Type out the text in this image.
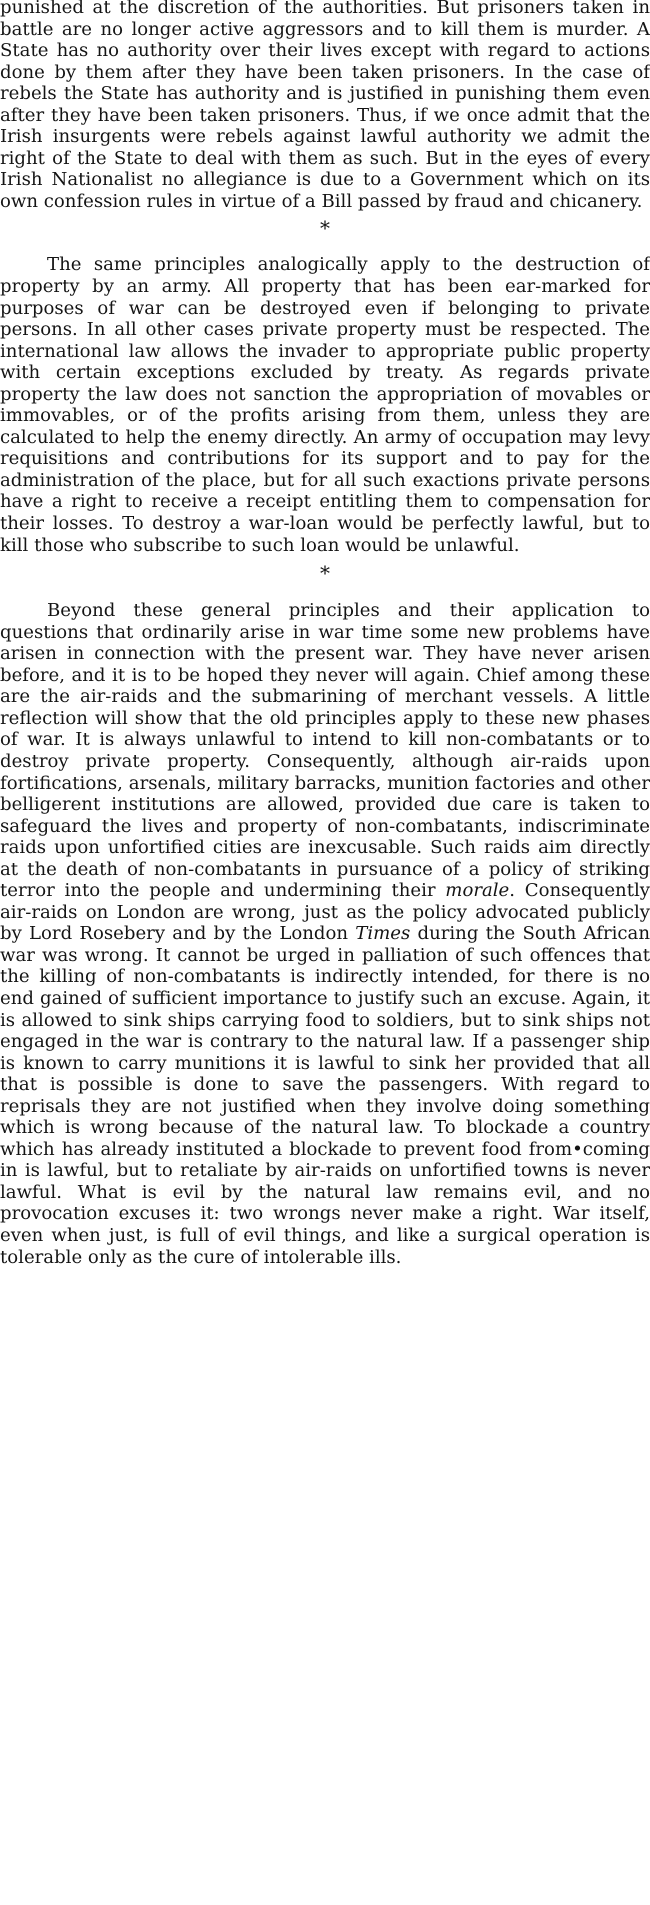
punished at the discretion of the authorities. But prisoners taken in battle are no longer active aggressors and to kill them is murder. A State has no authority over their lives except with regard to actions done by them after they have been taken prisoners. In the case of rebels the State has authority and is justified in punishing them even after they have been taken prisoners. Thus, if we once admit that the Irish insurgents were rebels against lawful authority we admit the right of the State to deal with them as such. But in the eyes of every Irish Nationalist no allegiance is due to a Government which on its own confession rules in virtue of a Bill passed by fraud and chicanery.

*

The same principles analogically apply to the destruction of property by an army. All property that has been ear-marked for purposes of war can be destroyed even if belonging to private persons. In all other cases private property must be respected. The international law allows the invader to appropriate public property with certain exceptions excluded by treaty. As regards private property the law does not sanction the appropriation of movables or immovables, or of the profits arising from them, unless they are calculated to help the enemy directly. An army of occupation may levy requisitions and contributions for its support and to pay for the administration of the place, but for all such exactions private persons have a right to receive a receipt entitling them to compensation for their losses. To destroy a war-loan would be perfectly lawful, but to kill those who subscribe to such loan would be unlawful.

*

Beyond these general principles and their application to questions that ordinarily arise in war time some new problems have arisen in connection with the present war. They have never arisen before, and it is to be hoped they never will again. Chief among these are the air-raids and the submarining of merchant vessels. A little reflection will show that the old principles apply to these new phases of war. It is always unlawful to intend to kill non-combatants or to destroy private property. Consequently, although air-raids upon fortifications, arsenals, military barracks, munition factories and other belligerent institutions are allowed, provided due care is taken to safeguard the lives and property of non-combatants, indiscriminate raids upon unfortified cities are inexcusable. Such raids aim directly at the death of non-combatants in pursuance of a policy of striking terror into the people and undermining their morale. Consequently air-raids on London are wrong, just as the policy advocated publicly by Lord Rosebery and by the London Times during the South African war was wrong. It cannot be urged in palliation of such offences that the killing of non-combatants is indirectly intended, for there is no end gained of sufficient importance to justify such an excuse. Again, it is allowed to sink ships carrying food to soldiers, but to sink ships not engaged in the war is contrary to the natural law. If a passenger ship is known to carry munitions it is lawful to sink her provided that all that is possible is done to save the passengers. With regard to reprisals they are not justified when they involve doing something which is wrong because of the natural law. To blockade a country which has already instituted a blockade to prevent food from•coming in is lawful, but to retaliate by air-raids on unfortified towns is never lawful. What is evil by the natural law remains evil, and no provocation excuses it: two wrongs never make a right. War itself, even when just, is full of evil things, and like a surgical operation is tolerable only as the cure of intolerable ills.
